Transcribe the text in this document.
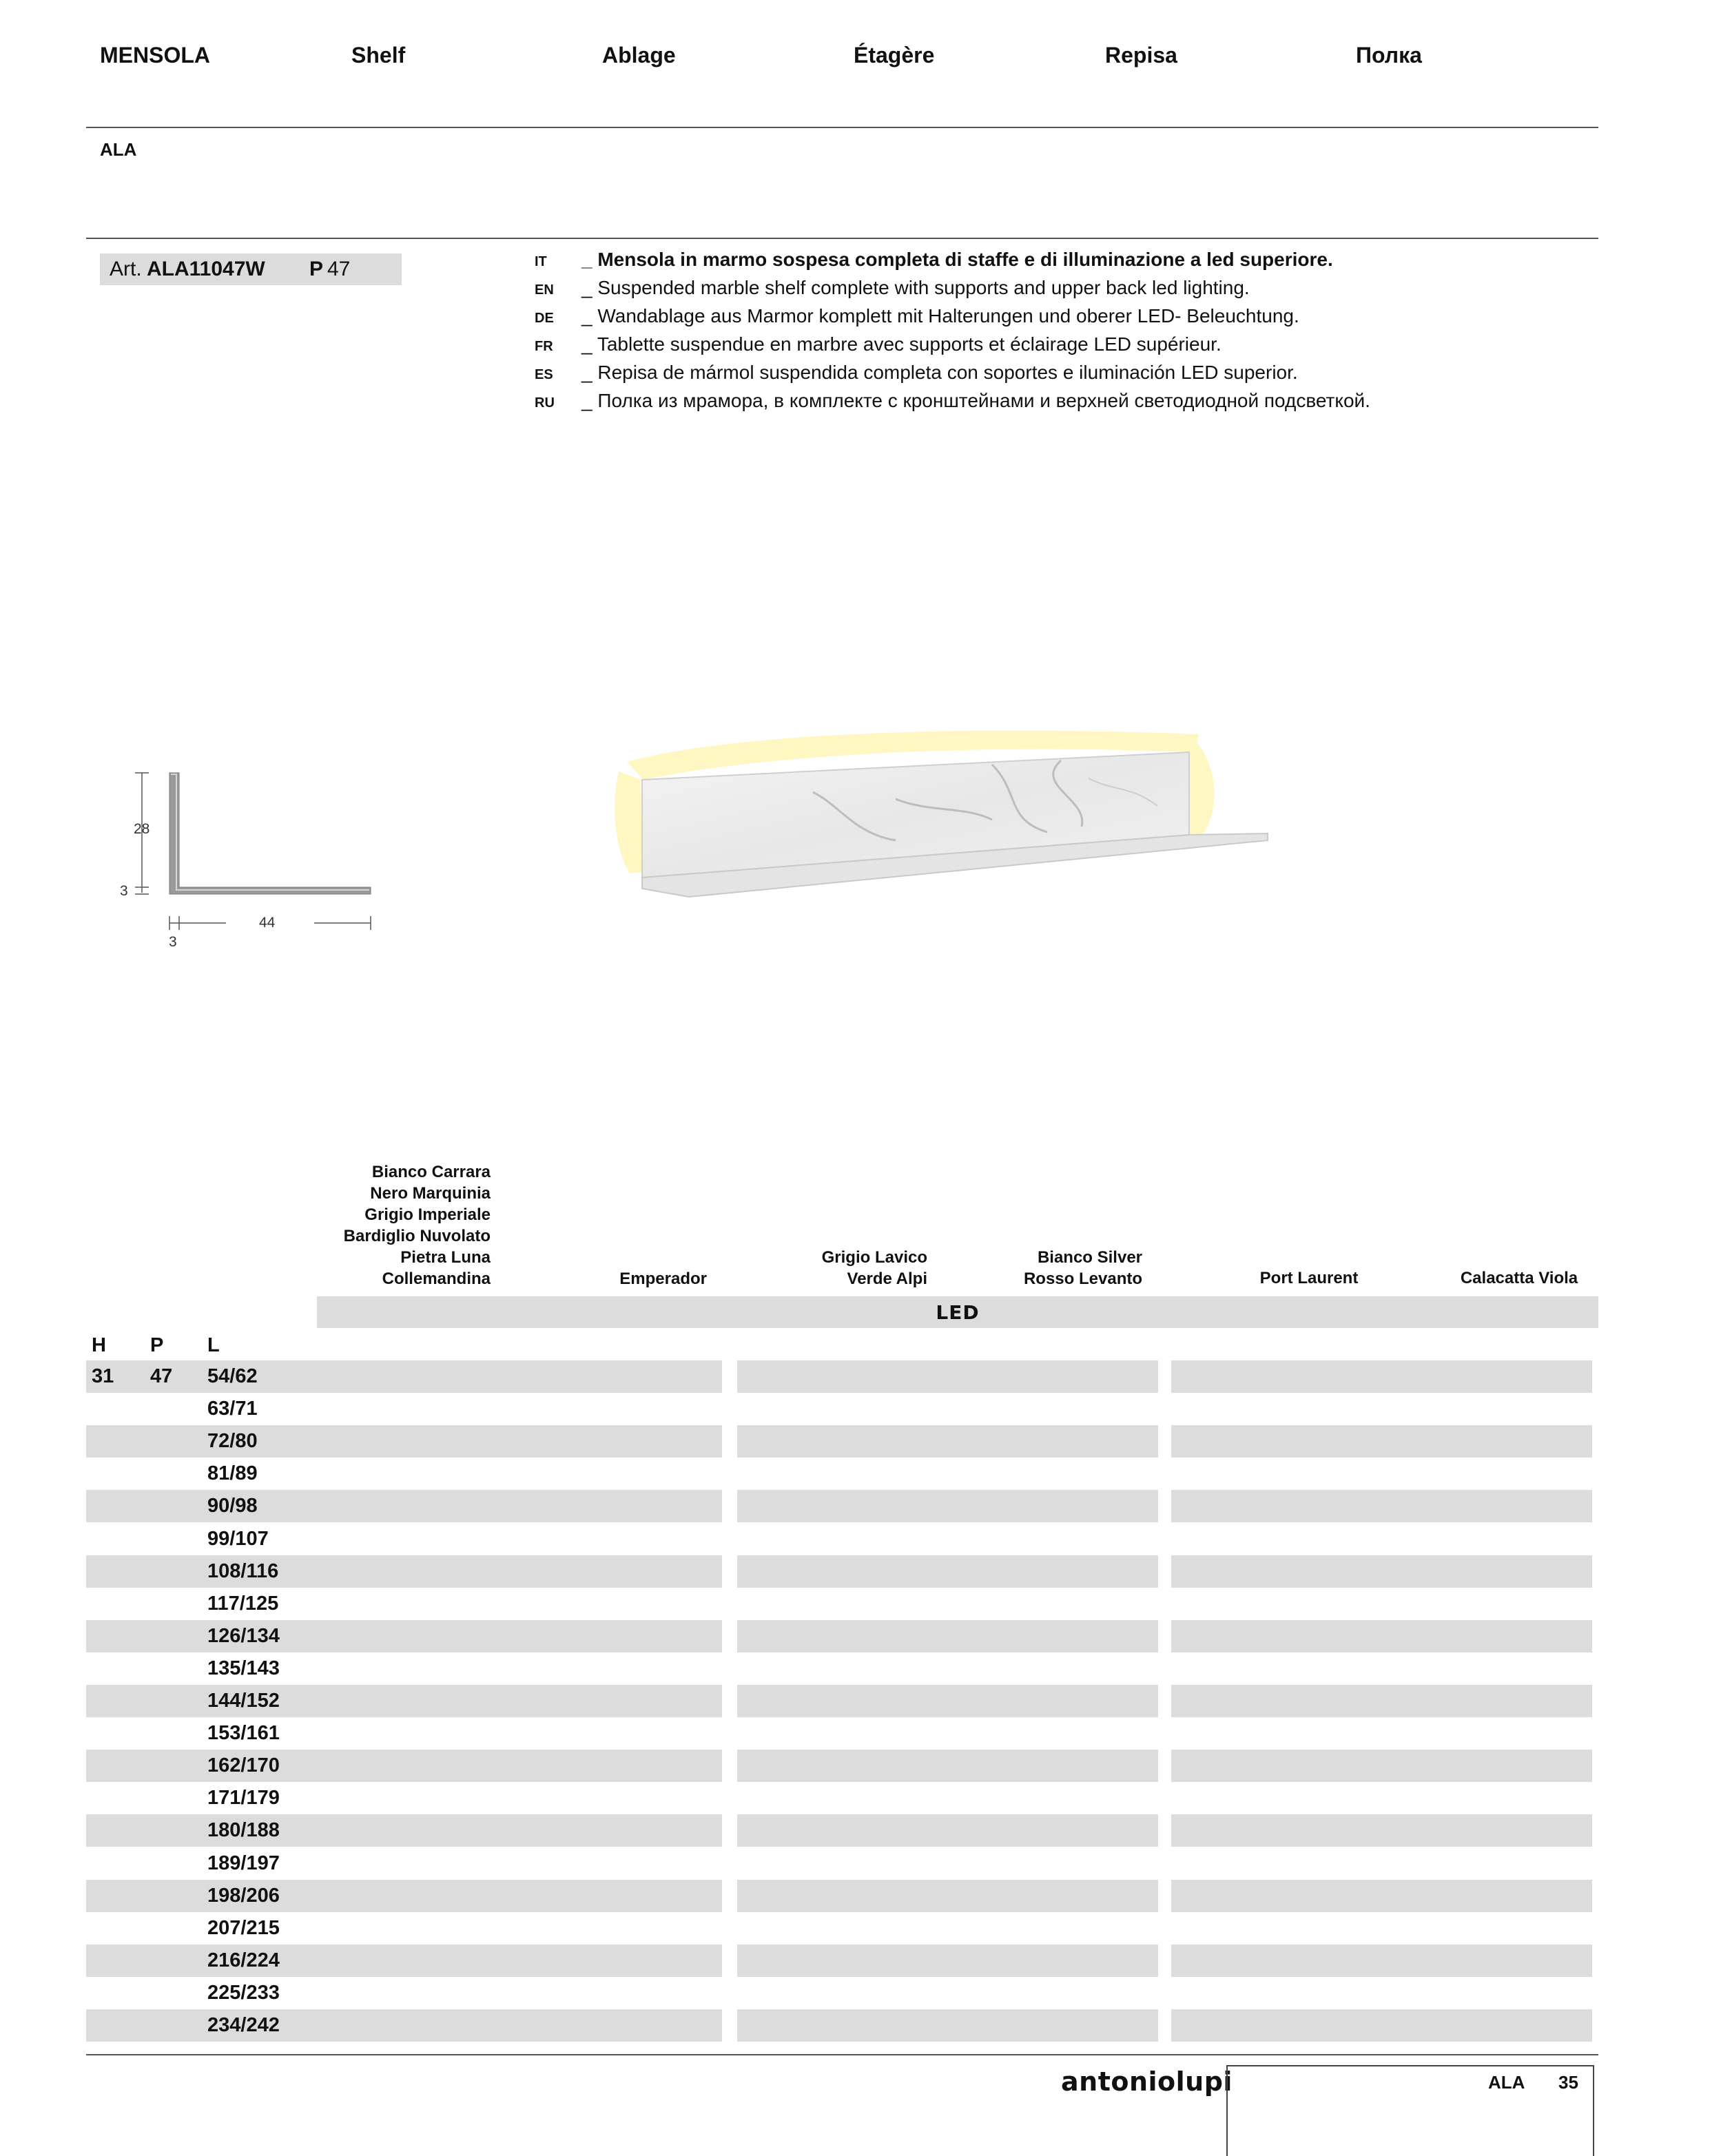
MENSOLA	Shelf	Ablage	Étagère	Repisa	Полка
ALA
Art. ALA11047W P 47	IT _ Mensola in marmo sospesa completa di staffe e di illuminazione a led superiore.
EN _ Suspended marble shelf complete with supports and upper back led lighting.
DE _ Wandablage aus Marmor komplett mit Halterungen und oberer LED- Beleuchtung.
FR _ Tablette suspendue en marbre avec supports et éclairage LED supérieur.
ES _ Repisa de mármol suspendida completa con soportes e iluminación LED superior.
RU _ Полка из мрамора, в комплекте с кронштейнами и верхней светодиодной подсветкой.
28
3
44
3
Bianco Carrara
Nero Marquinia
Grigio Imperiale
Bardiglio Nuvolato
Pietra Luna
Collemandina	Emperador
Grigio Lavico
Verde Alpi
Bianco Silver
Rosso Levanto	Port Laurent	Calacatta Viola
LED
H P L
31 47 54/62
63/71
72/80
81/89
90/98
99/107
108/116
117/125
126/134
135/143
144/152
153/161
162/170
171/179
180/188
189/197
198/206
207/215
216/224
225/233
234/242
antoniolupi	ALA 35
